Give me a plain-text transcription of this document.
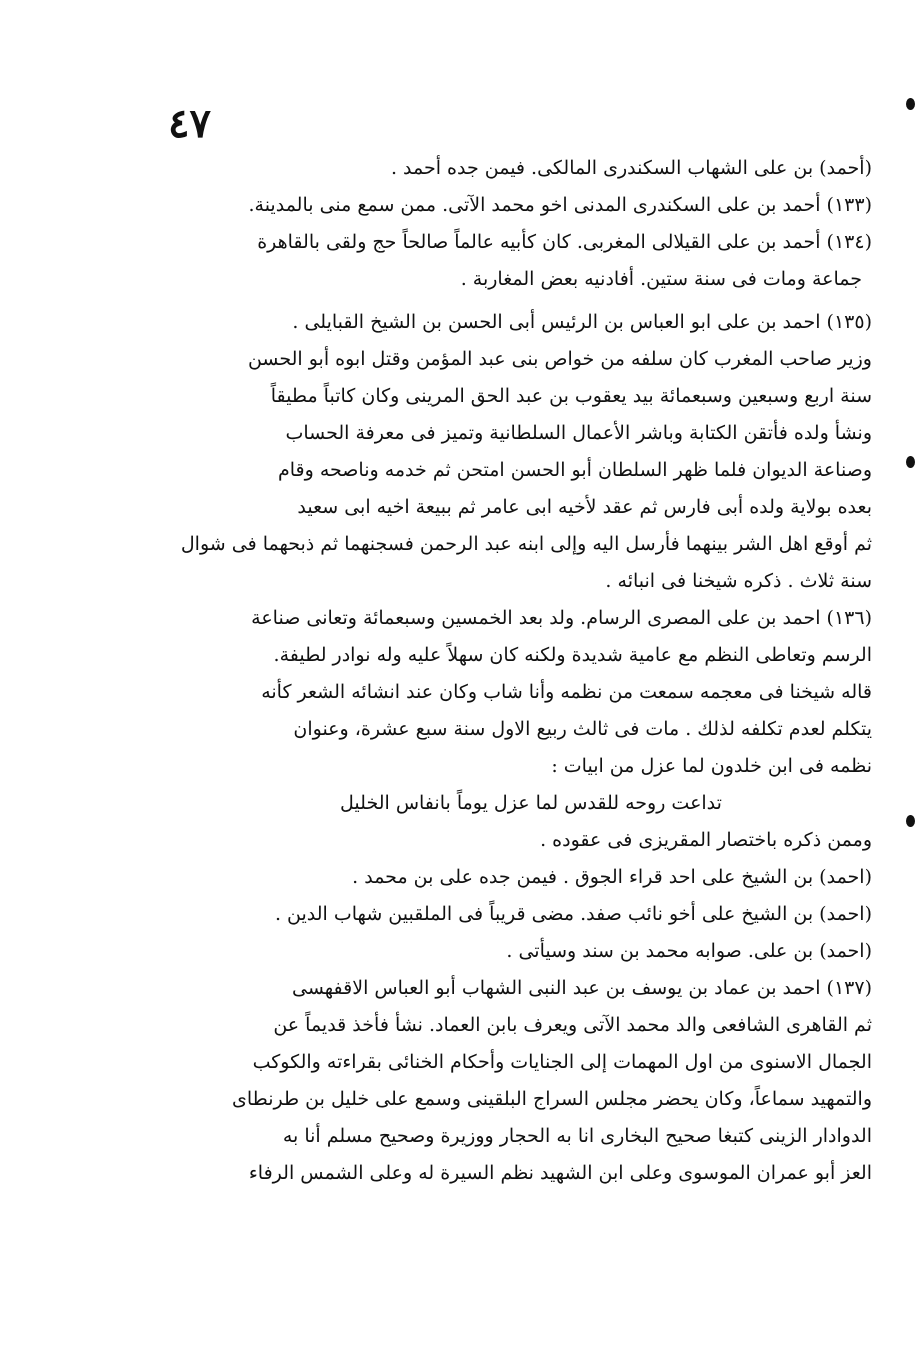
٤٧
(أحمد) بن على الشهاب السكندرى المالكى. فيمن جده أحمد .
(١٣٣) أحمد بن على السكندرى المدنى اخو محمد الآتى. ممن سمع منى بالمدينة.
(١٣٤) أحمد بن على القيلالى المغربى. كان كأبيه عالماً صالحاً حج ولقى بالقاهرة
جماعة ومات فى سنة ستين. أفادنيه بعض المغاربة .
(١٣٥) احمد بن على ابو العباس بن الرئيس أبى الحسن بن الشيخ القبايلى .
وزير صاحب المغرب كان سلفه من خواص بنى عبد المؤمن وقتل ابوه أبو الحسن
سنة اربع وسبعين وسبعمائة بيد يعقوب بن عبد الحق المرينى وكان كاتباً مطيقاً
ونشأ ولده فأتقن الكتابة وباشر الأعمال السلطانية وتميز فى معرفة الحساب
وصناعة الديوان فلما ظهر السلطان أبو الحسن امتحن ثم خدمه وناصحه وقام
بعده بولاية ولده أبى فارس ثم عقد لأخيه ابى عامر ثم ببيعة اخيه ابى سعيد
ثم أوقع اهل الشر بينهما فأرسل اليه وإلى ابنه عبد الرحمن فسجنهما ثم ذبحهما فى شوال
سنة ثلاث . ذكره شيخنا فى انبائه .
(١٣٦) احمد بن على المصرى الرسام. ولد بعد الخمسين وسبعمائة وتعانى صناعة
الرسم وتعاطى النظم مع عامية شديدة ولكنه كان سهلاً عليه وله نوادر لطيفة.
قاله شيخنا فى معجمه سمعت من نظمه وأنا شاب وكان عند انشائه الشعر كأنه
يتكلم لعدم تكلفه لذلك . مات فى ثالث ربيع الاول سنة سبع عشرة، وعنوان
نظمه فى ابن خلدون لما عزل من ابيات :
تداعت روحه للقدس لما عزل يوماً بانفاس الخليل
وممن ذكره باختصار المقريزى فى عقوده .
(احمد) بن الشيخ على احد قراء الجوق . فيمن جده على بن محمد .
(احمد) بن الشيخ على أخو نائب صفد. مضى قريباً فى الملقبين شهاب الدين .
(احمد) بن على. صوابه محمد بن سند وسيأتى .
(١٣٧) احمد بن عماد بن يوسف بن عبد النبى الشهاب أبو العباس الاقفهسى
ثم القاهرى الشافعى والد محمد الآتى ويعرف بابن العماد. نشأ فأخذ قديماً عن
الجمال الاسنوى من اول المهمات إلى الجنايات وأحكام الخنائى بقراءته والكوكب
والتمهيد سماعاً، وكان يحضر مجلس السراج البلقينى وسمع على خليل بن طرنطاى
الدوادار الزينى كتبغا صحيح البخارى انا به الحجار ووزيرة وصحيح مسلم أنا به
العز أبو عمران الموسوى وعلى ابن الشهيد نظم السيرة له وعلى الشمس الرفاء
